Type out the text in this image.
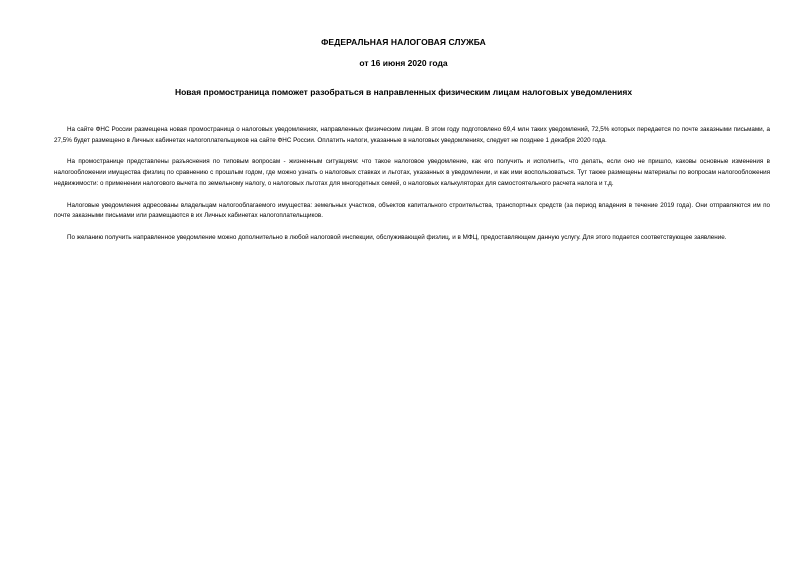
ФЕДЕРАЛЬНАЯ НАЛОГОВАЯ СЛУЖБА
от 16 июня 2020 года
Новая промостраница поможет разобраться в направленных физическим лицам налоговых уведомлениях

На сайте ФНС России размещена новая промостраница о налоговых уведомлениях, направленных физическим лицам. В этом году подготовлено 69,4 млн таких уведомлений, 72,5% которых передается по почте заказными письмами, а 27,5% будет размещено в Личных кабинетах налогоплательщиков на сайте ФНС России. Оплатить налоги, указанные в налоговых уведомлениях, следует не позднее 1 декабря 2020 года.

На промостранице представлены разъяснения по типовым вопросам - жизненным ситуациям: что такое налоговое уведомление, как его получить и исполнить, что делать, если оно не пришло, каковы основные изменения в налогообложении имущества физлиц по сравнению с прошлым годом, где можно узнать о налоговых ставках и льготах, указанных в уведомлении, и как ими воспользоваться. Тут также размещены материалы по вопросам налогообложения недвижимости: о применении налогового вычета по земельному налогу, о налоговых льготах для многодетных семей, о налоговых калькуляторах для самостоятельного расчета налога и т.д.

Налоговые уведомления адресованы владельцам налогооблагаемого имущества: земельных участков, объектов капитального строительства, транспортных средств (за период владения в течение 2019 года). Они отправляются им по почте заказными письмами или размещаются в их Личных кабинетах налогоплательщиков.

По желанию получить направленное уведомление можно дополнительно в любой налоговой инспекции, обслуживающей физлиц, и в МФЦ, предоставляющем данную услугу. Для этого подается соответствующее заявление.
